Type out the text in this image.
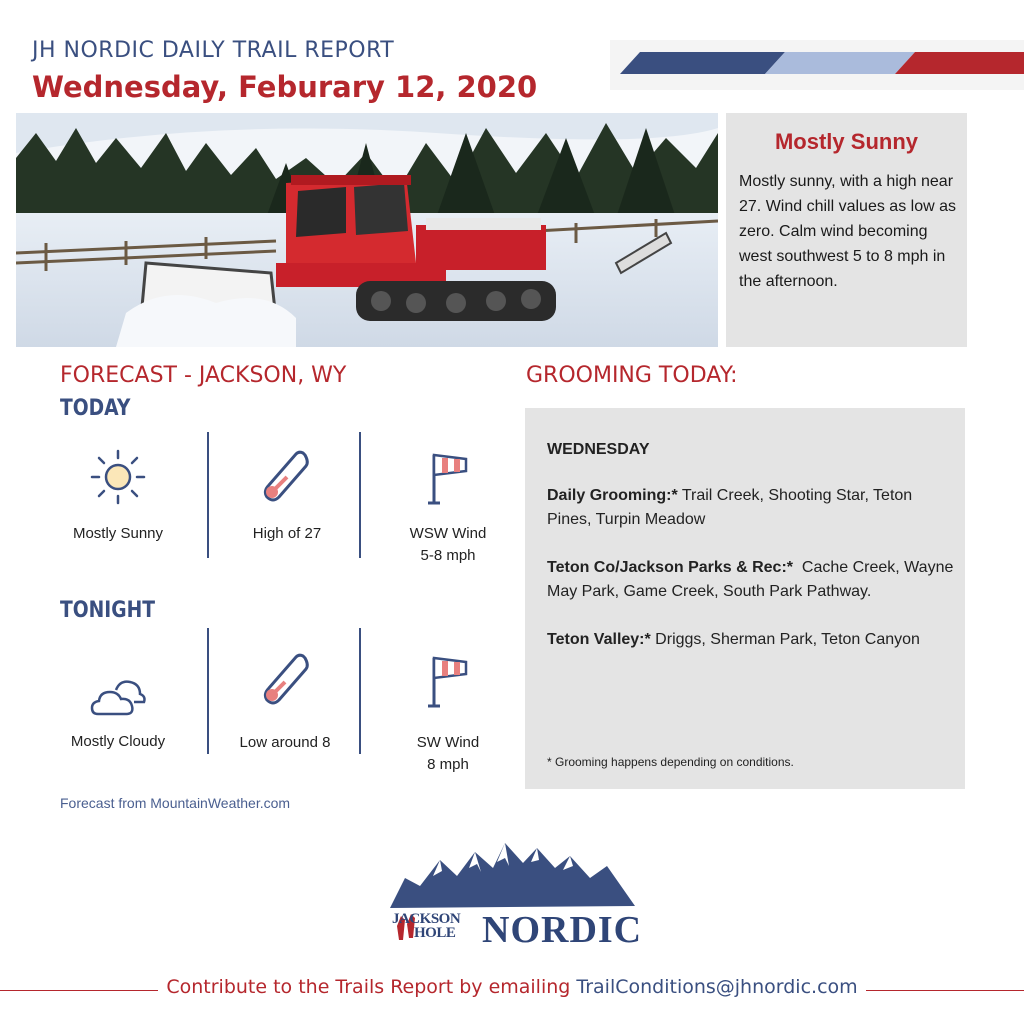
JH NORDIC DAILY TRAIL REPORT
Wednesday, Feburary 12, 2020
Mostly Sunny
Mostly sunny, with a high near 27. Wind chill values as low as zero. Calm wind becoming west southwest 5 to 8 mph in the afternoon.
FORECAST - JACKSON, WY
TODAY
Mostly Sunny	High of 27	WSW Wind
5-8 mph
TONIGHT
Mostly Cloudy	Low around 8	SW Wind
8 mph
Forecast from MountainWeather.com
GROOMING TODAY:
WEDNESDAY

Daily Grooming:* Trail Creek, Shooting Star, Teton Pines, Turpin Meadow

Teton Co/Jackson Parks & Rec:*  Cache Creek, Wayne May Park, Game Creek, South Park Pathway.

Teton Valley:* Driggs, Sherman Park, Teton Canyon

* Grooming happens depending on conditions.
JACKSON
HOLE NORDIC
Contribute to the Trails Report by emailing TrailConditions@jhnordic.com
